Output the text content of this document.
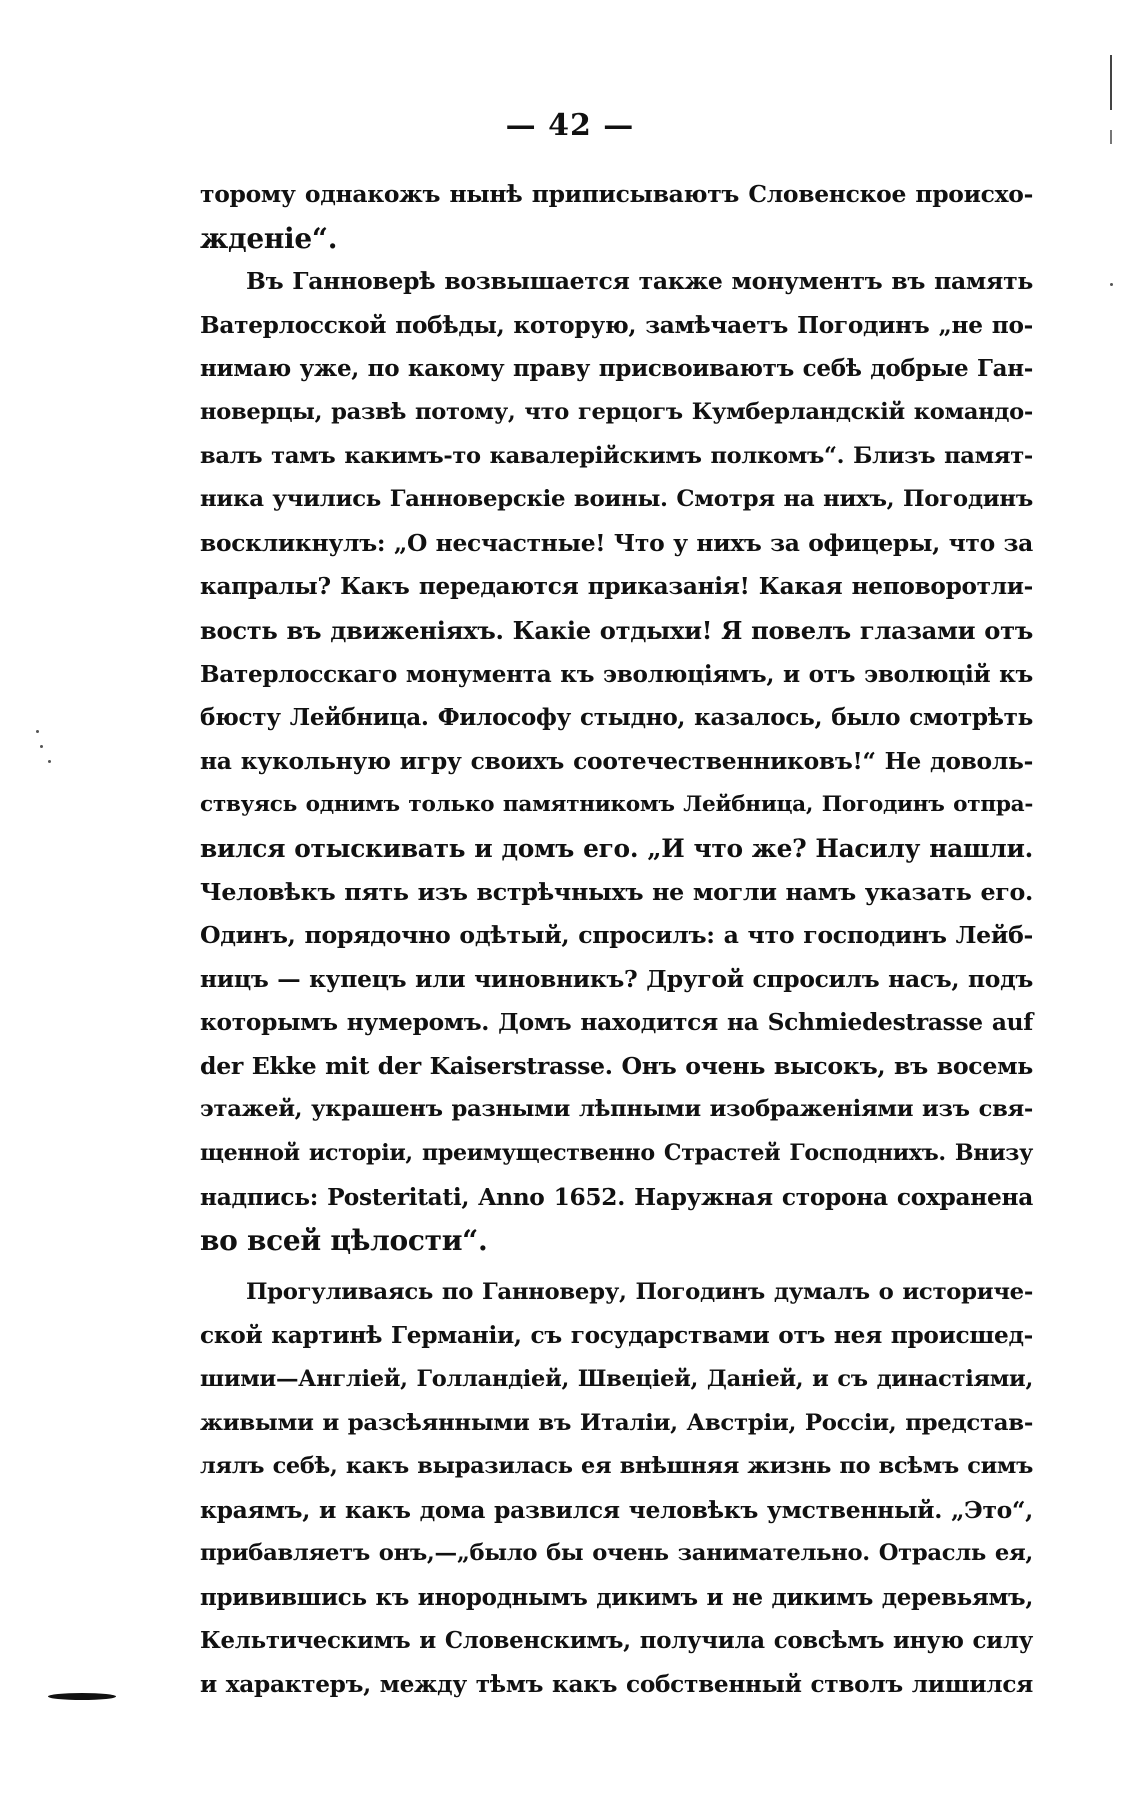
— 42 —
торому однакожъ нынѣ приписываютъ Словенское происхо-
жденіе“.
Въ Ганноверѣ возвышается также монументъ въ память
Ватерлосской побѣды, которую, замѣчаетъ Погодинъ „не по-
нимаю уже, по какому праву присвоиваютъ себѣ добрые Ган-
новерцы, развѣ потому, что герцогъ Кумберландскій командо-
валъ тамъ какимъ-то кавалерійскимъ полкомъ“. Близъ памят-
ника учились Ганноверскіе воины. Смотря на нихъ, Погодинъ
воскликнулъ: „О несчастные! Что у нихъ за офицеры, что за
капралы? Какъ передаются приказанія! Какая неповоротли-
вость въ движеніяхъ. Какіе отдыхи! Я повелъ глазами отъ
Ватерлосскаго монумента къ эволюціямъ, и отъ эволюцій къ
бюсту Лейбница. Философу стыдно, казалось, было смотрѣть
на кукольную игру своихъ соотечественниковъ!“ Не доволь-
ствуясь однимъ только памятникомъ Лейбница, Погодинъ отпра-
вился отыскивать и домъ его. „И что же? Насилу нашли.
Человѣкъ пять изъ встрѣчныхъ не могли намъ указать его.
Одинъ, порядочно одѣтый, спросилъ: а что господинъ Лейб-
ницъ — купецъ или чиновникъ? Другой спросилъ насъ, подъ
которымъ нумеромъ. Домъ находится на Schmiedestrasse auf
der Ekke mit der Kaiserstrasse. Онъ очень высокъ, въ восемь
этажей, украшенъ разными лѣпными изображеніями изъ свя-
щенной исторіи, преимущественно Страстей Господнихъ. Внизу
надпись: Posteritati, Anno 1652. Наружная сторона сохранена
во всей цѣлости“.
Прогуливаясь по Ганноверу, Погодинъ думалъ о историче-
ской картинѣ Германіи, съ государствами отъ нея происшед-
шими—Англіей, Голландіей, Швеціей, Даніей, и съ династіями,
живыми и разсѣянными въ Италіи, Австріи, Россіи, представ-
лялъ себѣ, какъ выразилась ея внѣшняя жизнь по всѣмъ симъ
краямъ, и какъ дома развился человѣкъ умственный. „Это“,
прибавляетъ онъ,—„было бы очень занимательно. Отрасль ея,
привившись къ инороднымъ дикимъ и не дикимъ деревьямъ,
Кельтическимъ и Словенскимъ, получила совсѣмъ иную силу
и характеръ, между тѣмъ какъ собственный стволъ лишился
